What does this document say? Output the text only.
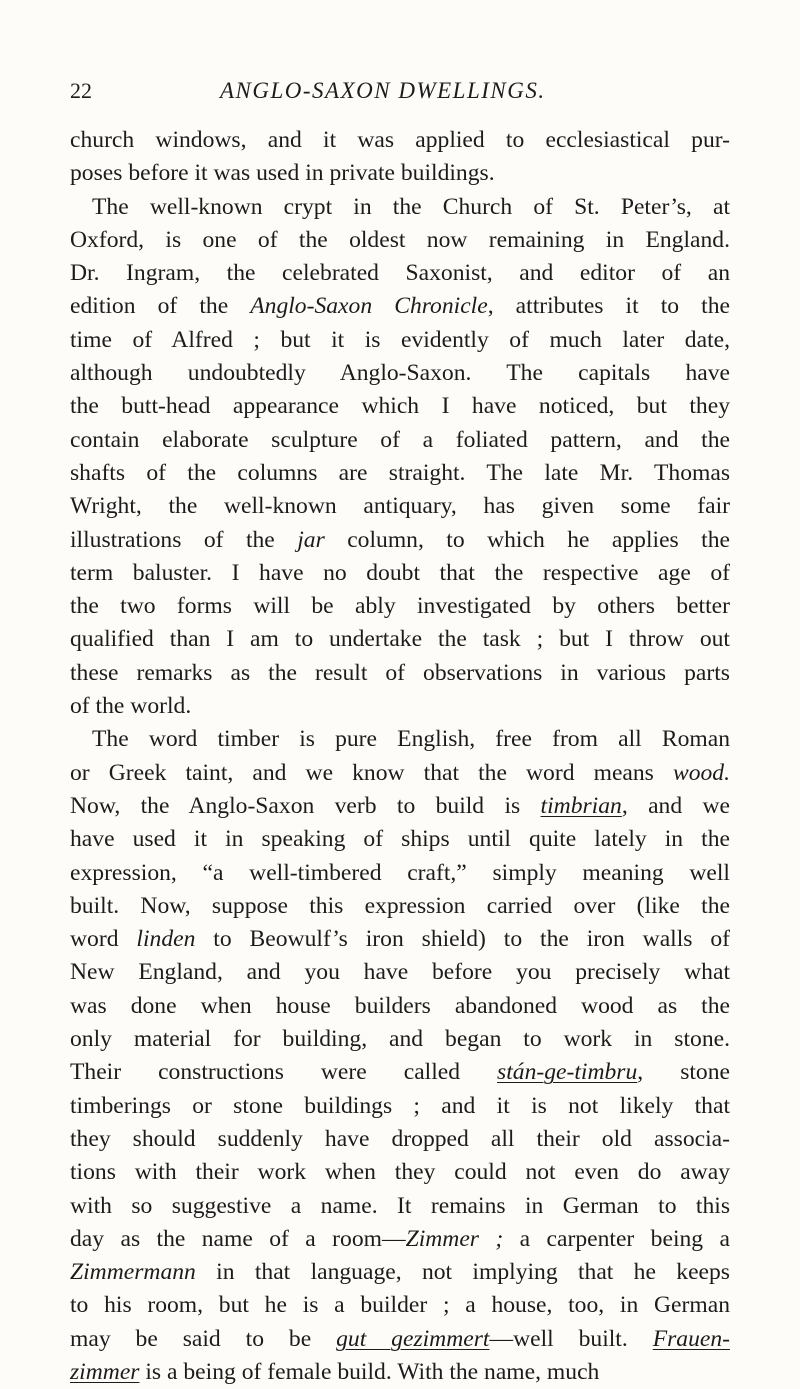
22	ANGLO-SAXON DWELLINGS.
church windows, and it was applied to ecclesiastical pur-
poses before it was used in private buildings.
The well-known crypt in the Church of St. Peter’s, at
Oxford, is one of the oldest now remaining in England.
Dr. Ingram, the celebrated Saxonist, and editor of an
edition of the Anglo-Saxon Chronicle, attributes it to the
time of Alfred ; but it is evidently of much later date,
although undoubtedly Anglo-Saxon. The capitals have
the butt-head appearance which I have noticed, but they
contain elaborate sculpture of a foliated pattern, and the
shafts of the columns are straight. The late Mr. Thomas
Wright, the well-known antiquary, has given some fair
illustrations of the jar column, to which he applies the
term baluster. I have no doubt that the respective age of
the two forms will be ably investigated by others better
qualified than I am to undertake the task ; but I throw out
these remarks as the result of observations in various parts
of the world.
The word timber is pure English, free from all Roman
or Greek taint, and we know that the word means wood.
Now, the Anglo-Saxon verb to build is timbrian, and we
have used it in speaking of ships until quite lately in the
expression, “a well-timbered craft,” simply meaning well
built. Now, suppose this expression carried over (like the
word linden to Beowulf’s iron shield) to the iron walls of
New England, and you have before you precisely what
was done when house builders abandoned wood as the
only material for building, and began to work in stone.
Their constructions were called stán-ge-timbru, stone
timberings or stone buildings ; and it is not likely that
they should suddenly have dropped all their old associa-
tions with their work when they could not even do away
with so suggestive a name. It remains in German to this
day as the name of a room—Zimmer ; a carpenter being a
Zimmermann in that language, not implying that he keeps
to his room, but he is a builder ; a house, too, in German
may be said to be gut gezimmert—well built. Frauen-
zimmer is a being of female build. With the name, much
